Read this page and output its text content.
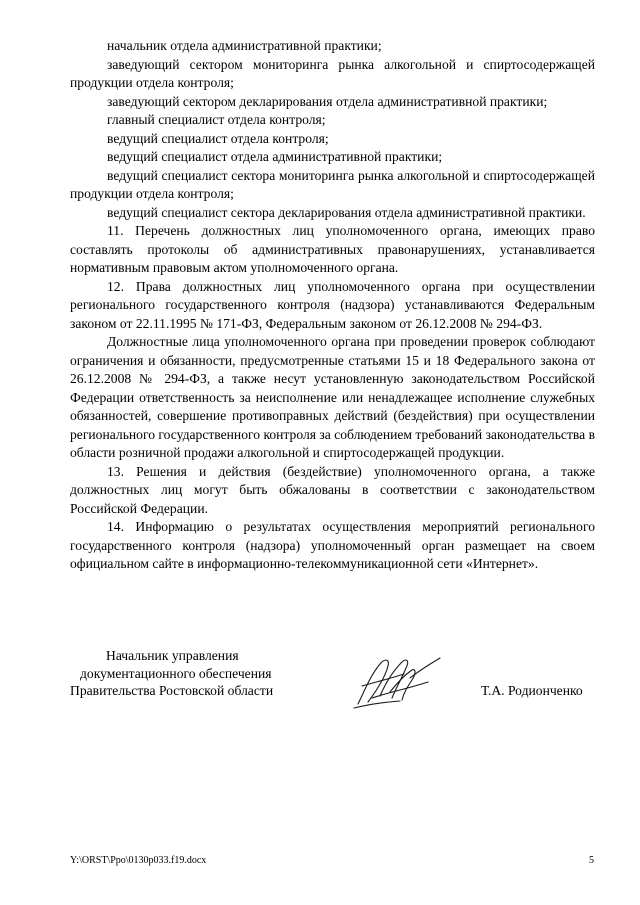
начальник отдела административной практики;

заведующий сектором мониторинга рынка алкогольной и спиртосодержащей продукции отдела контроля;

заведующий сектором декларирования отдела административной практики;

главный специалист отдела контроля;

ведущий специалист отдела контроля;

ведущий специалист отдела административной практики;

ведущий специалист сектора мониторинга рынка алкогольной и спиртосодержащей продукции отдела контроля;

ведущий специалист сектора декларирования отдела административной практики.

11. Перечень должностных лиц уполномоченного органа, имеющих право составлять протоколы об административных правонарушениях, устанавливается нормативным правовым актом уполномоченного органа.

12. Права должностных лиц уполномоченного органа при осуществлении регионального государственного контроля (надзора) устанавливаются Федеральным законом от 22.11.1995 № 171-ФЗ, Федеральным законом от 26.12.2008 № 294-ФЗ.

Должностные лица уполномоченного органа при проведении проверок соблюдают ограничения и обязанности, предусмотренные статьями 15 и 18 Федерального закона от 26.12.2008 № 294-ФЗ, а также несут установленную законодательством Российской Федерации ответственность за неисполнение или ненадлежащее исполнение служебных обязанностей, совершение противоправных действий (бездействия) при осуществлении регионального государственного контроля за соблюдением требований законодательства в области розничной продажи алкогольной и спиртосодержащей продукции.

13. Решения и действия (бездействие) уполномоченного органа, а также должностных лиц могут быть обжалованы в соответствии с законодательством Российской Федерации.

14. Информацию о результатах осуществления мероприятий регионального государственного контроля (надзора) уполномоченный орган размещает на своем официальном сайте в информационно-телекоммуникационной сети «Интернет».

Начальник управления
документационного обеспечения
Правительства Ростовской области	Т.А. Родионченко
Y:\ORST\Ppo\0130p033.f19.docx	5
